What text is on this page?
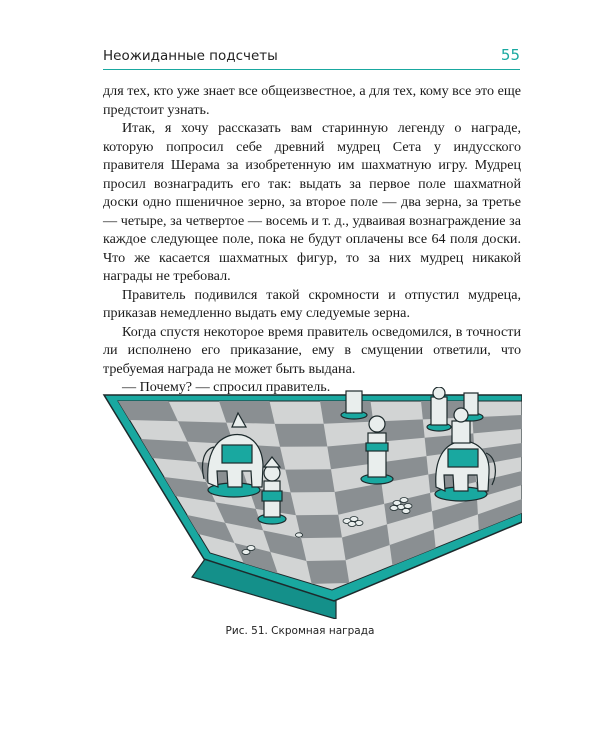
Неожиданные подсчеты	55

для тех, кто уже знает все общеизвестное, а для тех, кому все это еще предстоит узнать.

Итак, я хочу рассказать вам старинную легенду о награде, которую попросил себе древний мудрец Сета у индусского правителя Шерама за изобретенную им шахматную игру. Мудрец просил вознаградить его так: выдать за первое поле шахматной доски одно пшеничное зерно, за второе поле — два зерна, за третье — четыре, за четвертое — восемь и т. д., удваивая вознаграждение за каждое следующее поле, пока не будут оплачены все 64 поля доски. Что же касается шахматных фигур, то за них мудрец никакой награды не требовал.

Правитель подивился такой скромности и отпустил мудреца, приказав немедленно выдать ему следуемые зерна.

Когда спустя некоторое время правитель осведомился, в точности ли исполнено его приказание, ему в смущении ответили, что требуемая награда не может быть выдана.

— Почему? — спросил правитель.

Рис. 51. Скромная награда
